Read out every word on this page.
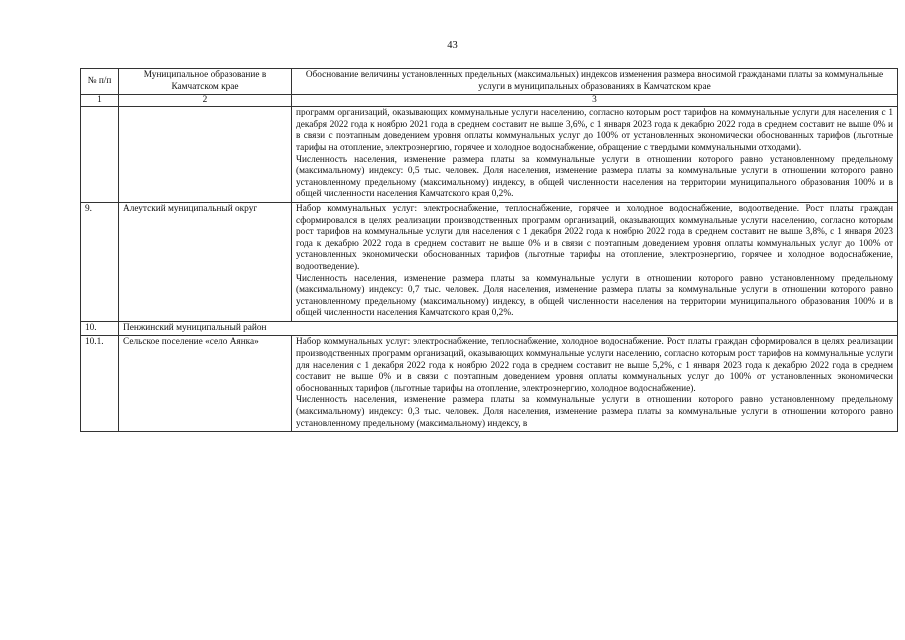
43
№ п/п	Муниципальное образование в Камчатском крае	Обоснование величины установленных предельных (максимальных) индексов изменения размера вносимой гражданами платы за коммунальные услуги в муниципальных образованиях в Камчатском крае
1	2	3

		программ организаций, оказывающих коммунальные услуги населению, согласно которым рост тарифов на коммунальные услуги для населения с 1 декабря 2022 года к ноябрю 2021 года в среднем составит не выше 3,6%, с 1 января 2023 года к декабрю 2022 года в среднем составит не выше 0% и в связи с поэтапным доведением уровня оплаты коммунальных услуг до 100% от установленных экономически обоснованных тарифов (льготные тарифы на отопление, электроэнергию, горячее и холодное водоснабжение, обращение с твердыми коммунальными отходами).

Численность населения, изменение размера платы за коммунальные услуги в отношении которого равно установленному предельному (максимальному) индексу: 0,5 тыс. человек. Доля населения, изменение размера платы за коммунальные услуги в отношении которого равно установленному предельному (максимальному) индексу, в общей численности населения на территории муниципального образования 100% и в общей численности населения Камчатского края 0,2%.

9.	Алеутский муниципальный округ	Набор коммунальных услуг: электроснабжение, теплоснабжение, горячее и холодное водоснабжение, водоотведение. Рост платы граждан сформировался в целях реализации производственных программ организаций, оказывающих коммунальные услуги населению, согласно которым рост тарифов на коммунальные услуги для населения с 1 декабря 2022 года к ноябрю 2022 года в среднем составит не выше 3,8%, с 1 января 2023 года к декабрю 2022 года в среднем составит не выше 0% и в связи с поэтапным доведением уровня оплаты коммунальных услуг до 100% от установленных экономически обоснованных тарифов (льготные тарифы на отопление, электроэнергию, горячее и холодное водоснабжение, водоотведение).

Численность населения, изменение размера платы за коммунальные услуги в отношении которого равно установленному предельному (максимальному) индексу: 0,7 тыс. человек. Доля населения, изменение размера платы за коммунальные услуги в отношении которого равно установленному предельному (максимальному) индексу, в общей численности населения на территории муниципального образования 100% и в общей численности населения Камчатского края 0,2%.

10.	Пенжинский муниципальный район	
10.1.	Сельское поселение «село Аянка»	Набор коммунальных услуг: электроснабжение, теплоснабжение, холодное водоснабжение. Рост платы граждан сформировался в целях реализации производственных программ организаций, оказывающих коммунальные услуги населению, согласно которым рост тарифов на коммунальные услуги для населения с 1 декабря 2022 года к ноябрю 2022 года в среднем составит не выше 5,2%, с 1 января 2023 года к декабрю 2022 года в среднем составит не выше 0% и в связи с поэтапным доведением уровня оплаты коммунальных услуг до 100% от установленных экономически обоснованных тарифов (льготные тарифы на отопление, электроэнергию, холодное водоснабжение).

Численность населения, изменение размера платы за коммунальные услуги в отношении которого равно установленному предельному (максимальному) индексу: 0,3 тыс. человек. Доля населения, изменение размера платы за коммунальные услуги в отношении которого равно установленному предельному (максимальному) индексу, в
